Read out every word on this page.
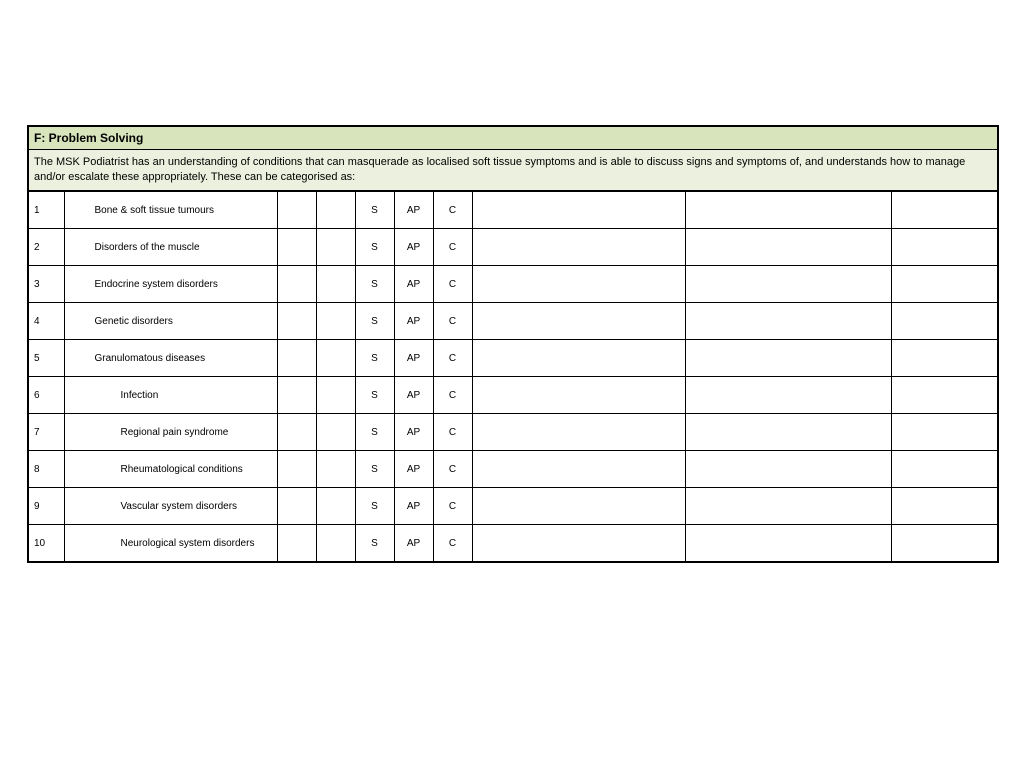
F: Problem Solving									
The MSK Podiatrist has an understanding of conditions that can masquerade as localised soft tissue symptoms and is able to discuss signs and symptoms of, and understands how to manage and/or escalate these appropriately. These can be categorised as:									
1	Bone & soft tissue tumours			S	AP	C			
2	Disorders of the muscle			S	AP	C			
3	Endocrine system disorders			S	AP	C			
4	Genetic disorders			S	AP	C			
5	Granulomatous diseases			S	AP	C			
6	Infection			S	AP	C			
7	Regional pain syndrome			S	AP	C			
8	Rheumatological conditions			S	AP	C			
9	Vascular system disorders			S	AP	C			
10	Neurological system disorders			S	AP	C			
